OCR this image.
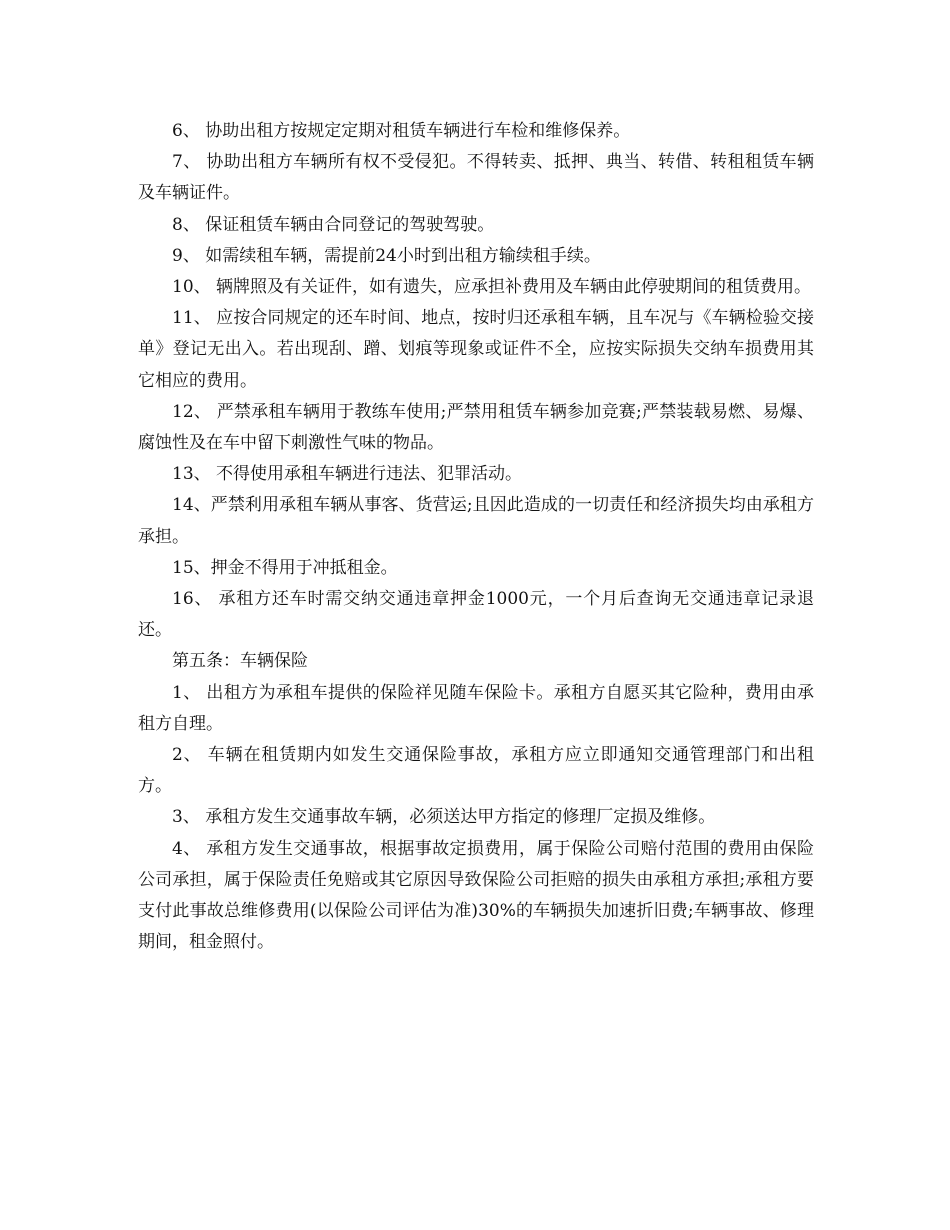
6、 协助出租方按规定定期对租赁车辆进行车检和维修保养。

7、 协助出租方车辆所有权不受侵犯。不得转卖、抵押、典当、转借、转租租赁车辆及车辆证件。

8、 保证租赁车辆由合同登记的驾驶驾驶。

9、 如需续租车辆，需提前24小时到出租方输续租手续。

10、 辆牌照及有关证件，如有遗失，应承担补费用及车辆由此停驶期间的租赁费用。

11、 应按合同规定的还车时间、地点，按时归还承租车辆，且车况与《车辆检验交接单》登记无出入。若出现刮、蹭、划痕等现象或证件不全，应按实际损失交纳车损费用其它相应的费用。

12、 严禁承租车辆用于教练车使用;严禁用租赁车辆参加竞赛;严禁装载易燃、易爆、腐蚀性及在车中留下刺激性气味的物品。

13、 不得使用承租车辆进行违法、犯罪活动。

14、严禁利用承租车辆从事客、货营运;且因此造成的一切责任和经济损失均由承租方承担。

15、押金不得用于冲抵租金。

16、 承租方还车时需交纳交通违章押金1000元，一个月后查询无交通违章记录退还。

第五条：车辆保险

1、 出租方为承租车提供的保险祥见随车保险卡。承租方自愿买其它险种，费用由承租方自理。

2、 车辆在租赁期内如发生交通保险事故，承租方应立即通知交通管理部门和出租方。

3、 承租方发生交通事故车辆，必须送达甲方指定的修理厂定损及维修。

4、 承租方发生交通事故，根据事故定损费用，属于保险公司赔付范围的费用由保险公司承担，属于保险责任免赔或其它原因导致保险公司拒赔的损失由承租方承担;承租方要支付此事故总维修费用(以保险公司评估为准)30%的车辆损失加速折旧费;车辆事故、修理期间，租金照付。
